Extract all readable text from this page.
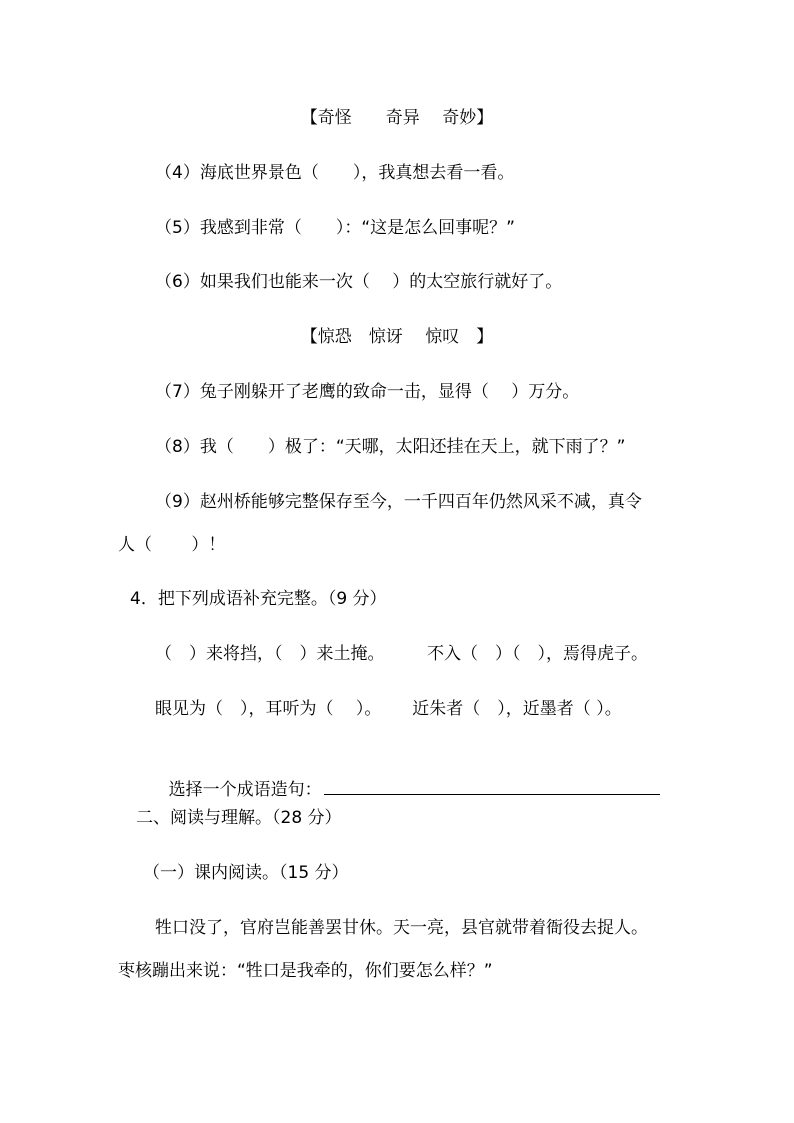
【奇怪　　奇异　 奇妙】
（4）海底世界景色（　　），我真想去看一看。
（5）我感到非常（　　）：“这是怎么回事呢？”
（6）如果我们也能来一次（　 ）的太空旅行就好了。
【惊恐　惊讶　 惊叹　】
（7）兔子刚躲开了老鹰的致命一击，显得（　 ）万分。
（8）我（　　）极了：“天哪，太阳还挂在天上，就下雨了？”
（9）赵州桥能够完整保存至今，一千四百年仍然风采不减，真令
人（　　 ）！
4．把下列成语补充完整。（9 分）
（　）来将挡，（　）来土掩。　　　不入（　）（　），焉得虎子。
眼见为（　），耳听为（　 ）。　　 近朱者（　），近墨者（ ）。

选择一个成语造句：

二、阅读与理解。（28 分）
（一）课内阅读。（15 分）
牲口没了，官府岂能善罢甘休。天一亮，县官就带着衙役去捉人。
枣核蹦出来说：“牲口是我牵的，你们要怎么样？”
